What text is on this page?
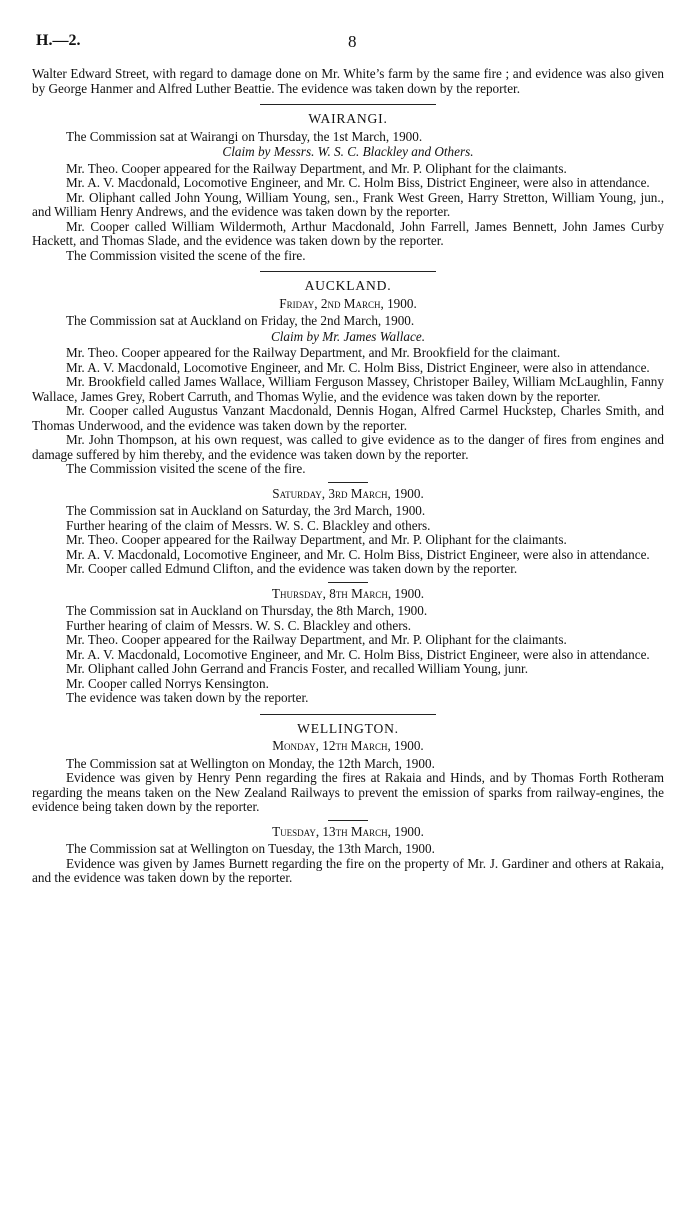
H.—2.	8

Walter Edward Street, with regard to damage done on Mr. White’s farm by the same fire ; and evidence was also given by George Hanmer and Alfred Luther Beattie. The evidence was taken down by the reporter.

WAIRANGI.

The Commission sat at Wairangi on Thursday, the 1st March, 1900.

Claim by Messrs. W. S. C. Blackley and Others.

Mr. Theo. Cooper appeared for the Railway Department, and Mr. P. Oliphant for the claimants.

Mr. A. V. Macdonald, Locomotive Engineer, and Mr. C. Holm Biss, District Engineer, were also in attendance.

Mr. Oliphant called John Young, William Young, sen., Frank West Green, Harry Stretton, William Young, jun., and William Henry Andrews, and the evidence was taken down by the reporter.

Mr. Cooper called William Wildermoth, Arthur Macdonald, John Farrell, James Bennett, John James Curby Hackett, and Thomas Slade, and the evidence was taken down by the reporter.

The Commission visited the scene of the fire.

AUCKLAND.

Friday, 2nd March, 1900.

The Commission sat at Auckland on Friday, the 2nd March, 1900.

Claim by Mr. James Wallace.

Mr. Theo. Cooper appeared for the Railway Department, and Mr. Brookfield for the claimant.

Mr. A. V. Macdonald, Locomotive Engineer, and Mr. C. Holm Biss, District Engineer, were also in attendance.

Mr. Brookfield called James Wallace, William Ferguson Massey, Christoper Bailey, William McLaughlin, Fanny Wallace, James Grey, Robert Carruth, and Thomas Wylie, and the evidence was taken down by the reporter.

Mr. Cooper called Augustus Vanzant Macdonald, Dennis Hogan, Alfred Carmel Huckstep, Charles Smith, and Thomas Underwood, and the evidence was taken down by the reporter.

Mr. John Thompson, at his own request, was called to give evidence as to the danger of fires from engines and damage suffered by him thereby, and the evidence was taken down by the reporter.

The Commission visited the scene of the fire.

Saturday, 3rd March, 1900.

The Commission sat in Auckland on Saturday, the 3rd March, 1900.

Further hearing of the claim of Messrs. W. S. C. Blackley and others.

Mr. Theo. Cooper appeared for the Railway Department, and Mr. P. Oliphant for the claimants.

Mr. A. V. Macdonald, Locomotive Engineer, and Mr. C. Holm Biss, District Engineer, were also in attendance.

Mr. Cooper called Edmund Clifton, and the evidence was taken down by the reporter.

Thursday, 8th March, 1900.

The Commission sat in Auckland on Thursday, the 8th March, 1900.

Further hearing of claim of Messrs. W. S. C. Blackley and others.

Mr. Theo. Cooper appeared for the Railway Department, and Mr. P. Oliphant for the claimants.

Mr. A. V. Macdonald, Locomotive Engineer, and Mr. C. Holm Biss, District Engineer, were also in attendance.

Mr. Oliphant called John Gerrand and Francis Foster, and recalled William Young, junr.

Mr. Cooper called Norrys Kensington.

The evidence was taken down by the reporter.

WELLINGTON.

Monday, 12th March, 1900.

The Commission sat at Wellington on Monday, the 12th March, 1900.

Evidence was given by Henry Penn regarding the fires at Rakaia and Hinds, and by Thomas Forth Rotheram regarding the means taken on the New Zealand Railways to prevent the emission of sparks from railway-engines, the evidence being taken down by the reporter.

Tuesday, 13th March, 1900.

The Commission sat at Wellington on Tuesday, the 13th March, 1900.

Evidence was given by James Burnett regarding the fire on the property of Mr. J. Gardiner and others at Rakaia, and the evidence was taken down by the reporter.
